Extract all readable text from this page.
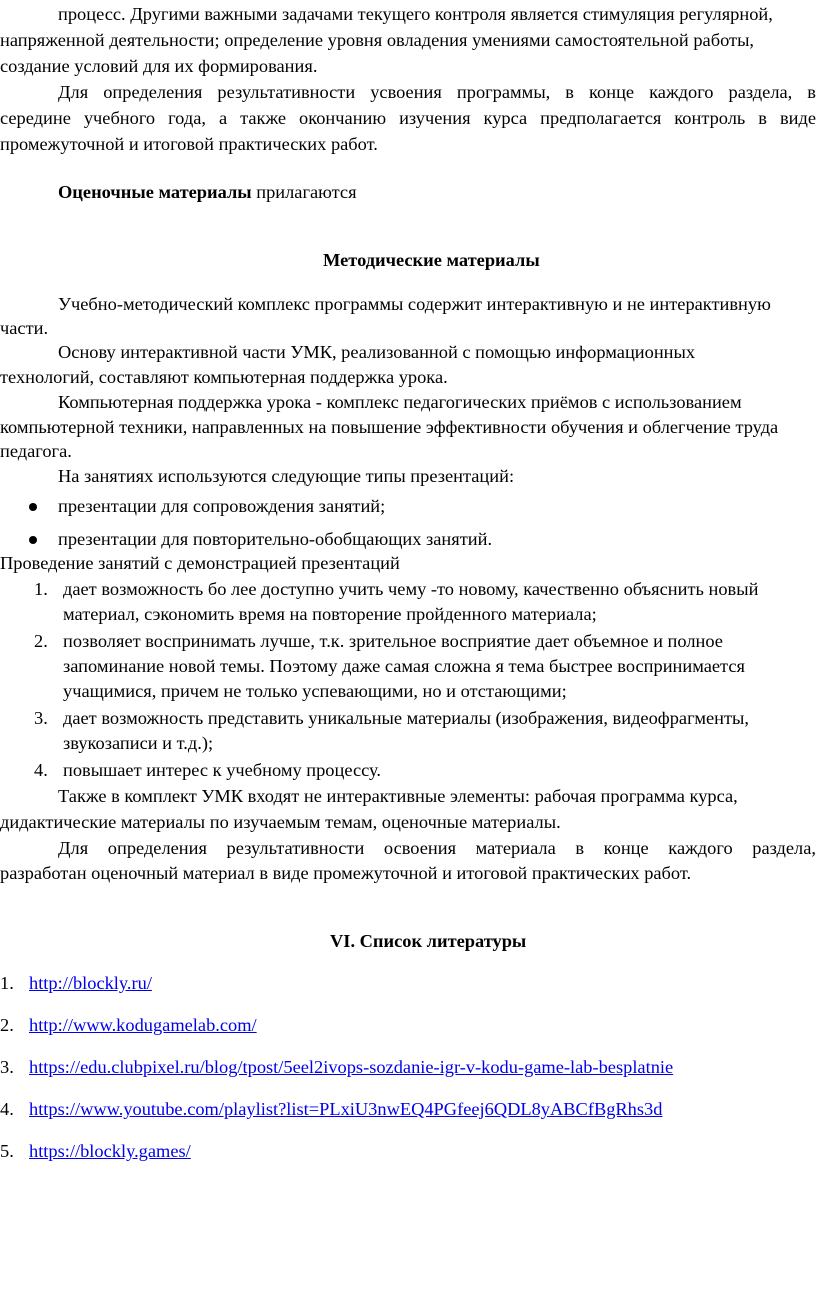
процесс. Другими важными задачами текущего контроля является стимуляция регулярной,
напряженной деятельности; определение уровня овладения умениями самостоятельной работы,
создание условий для их формирования.
Для определения результативности усвоения программы, в конце каждого раздела, в
середине учебного года, а также окончанию изучения курса предполагается контроль в виде
промежуточной и итоговой практических работ.
Оценочные материалы прилагаются
Методические материалы
Учебно-методический комплекс программы содержит интерактивную и не интерактивную
части.
Основу интерактивной части УМК, реализованной с помощью информационных
технологий, составляют компьютерная поддержка урока.
Компьютерная поддержка урока - комплекс педагогических приёмов с использованием
компьютерной техники, направленных на повышение эффективности обучения и облегчение труда
педагога.
На занятиях используются следующие типы презентаций:
презентации для сопровождения занятий;
презентации для повторительно-обобщающих занятий.
Проведение занятий с демонстрацией презентаций
1. дает возможность бо лее доступно учить чему -то новому, качественно объяснить новый
материал, сэкономить время на повторение пройденного материала;
2. позволяет воспринимать лучше, т.к. зрительное восприятие дает объемное и полное
запоминание новой темы. Поэтому даже самая сложна я тема быстрее воспринимается
учащимися, причем не только успевающими, но и отстающими;
3. дает возможность представить уникальные материалы (изображения, видеофрагменты,
звукозаписи и т.д.);
4. повышает интерес к учебному процессу.
Также в комплект УМК входят не интерактивные элементы: рабочая программа курса,
дидактические материалы по изучаемым темам, оценочные материалы.
Для определения результативности освоения материала в конце каждого раздела,
разработан оценочный материал в виде промежуточной и итоговой практических работ.
VI. Список литературы
1. http://blockly.ru/
2. http://www.kodugamelab.com/
3. https://edu.clubpixel.ru/blog/tpost/5eel2ivops-sozdanie-igr-v-kodu-game-lab-besplatnie
4. https://www.youtube.com/playlist?list=PLxiU3nwEQ4PGfeej6QDL8yABCfBgRhs3d
5. https://blockly.games/
